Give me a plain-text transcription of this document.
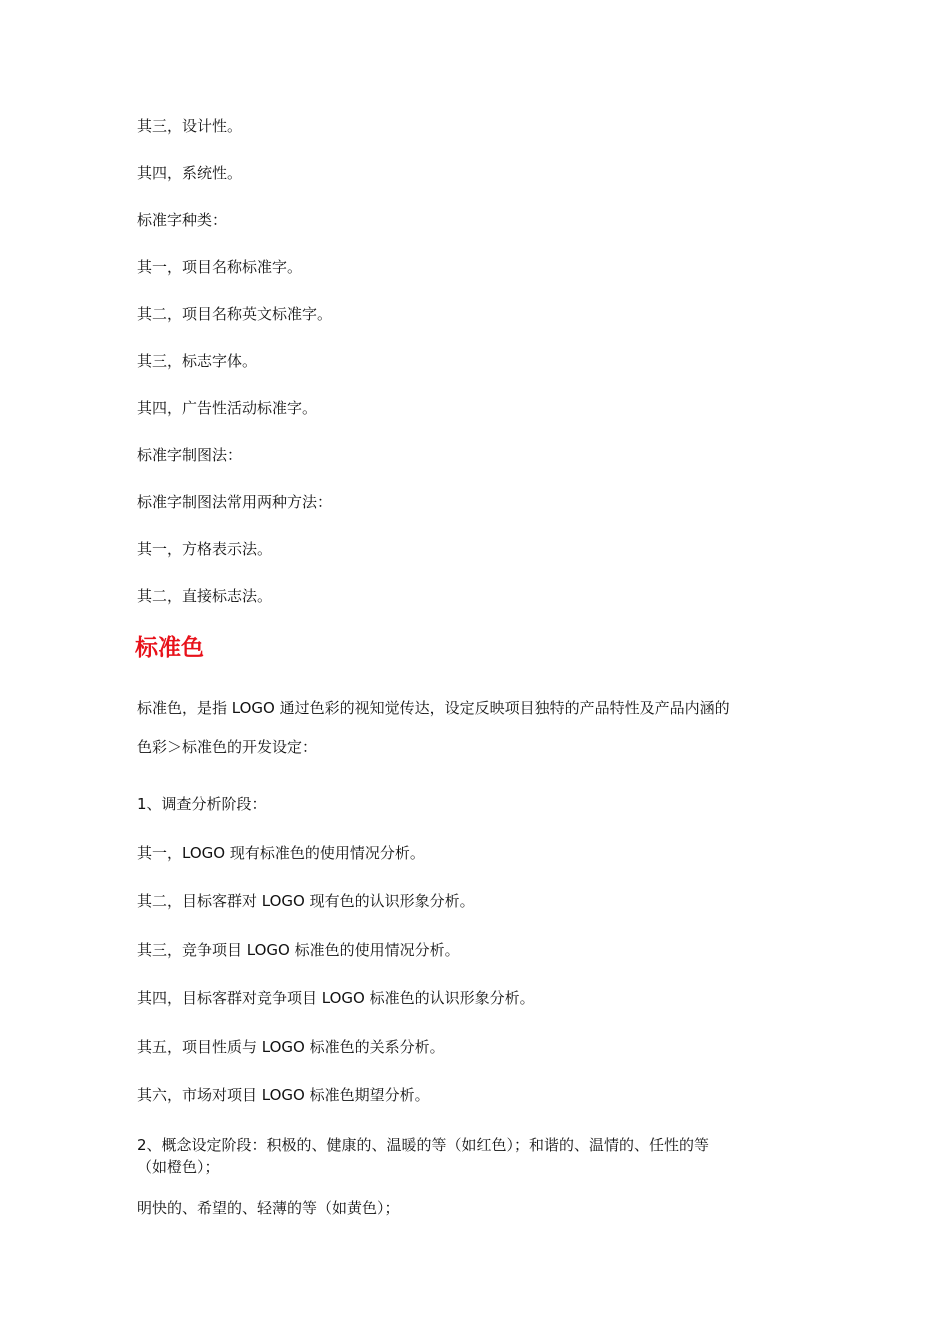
其三，设计性。

其四，系统性。

标准字种类：

其一，项目名称标准字。

其二，项目名称英文标准字。

其三，标志字体。

其四，广告性活动标准字。

标准字制图法：

标准字制图法常用两种方法：

其一，方格表示法。

其二，直接标志法。

标准色

标准色，是指 LOGO 通过色彩的视知觉传达，设定反映项目独特的产品特性及产品内涵的

色彩＞标准色的开发设定：

1、调查分析阶段：

其一，LOGO 现有标准色的使用情况分析。

其二，目标客群对 LOGO 现有色的认识形象分析。

其三，竞争项目 LOGO 标准色的使用情况分析。

其四，目标客群对竞争项目 LOGO 标准色的认识形象分析。

其五，项目性质与 LOGO 标准色的关系分析。

其六，市场对项目 LOGO 标准色期望分析。

2、概念设定阶段：积极的、健康的、温暖的等（如红色）；和谐的、温情的、任性的等

（如橙色）；

明快的、希望的、轻薄的等（如黄色）；
